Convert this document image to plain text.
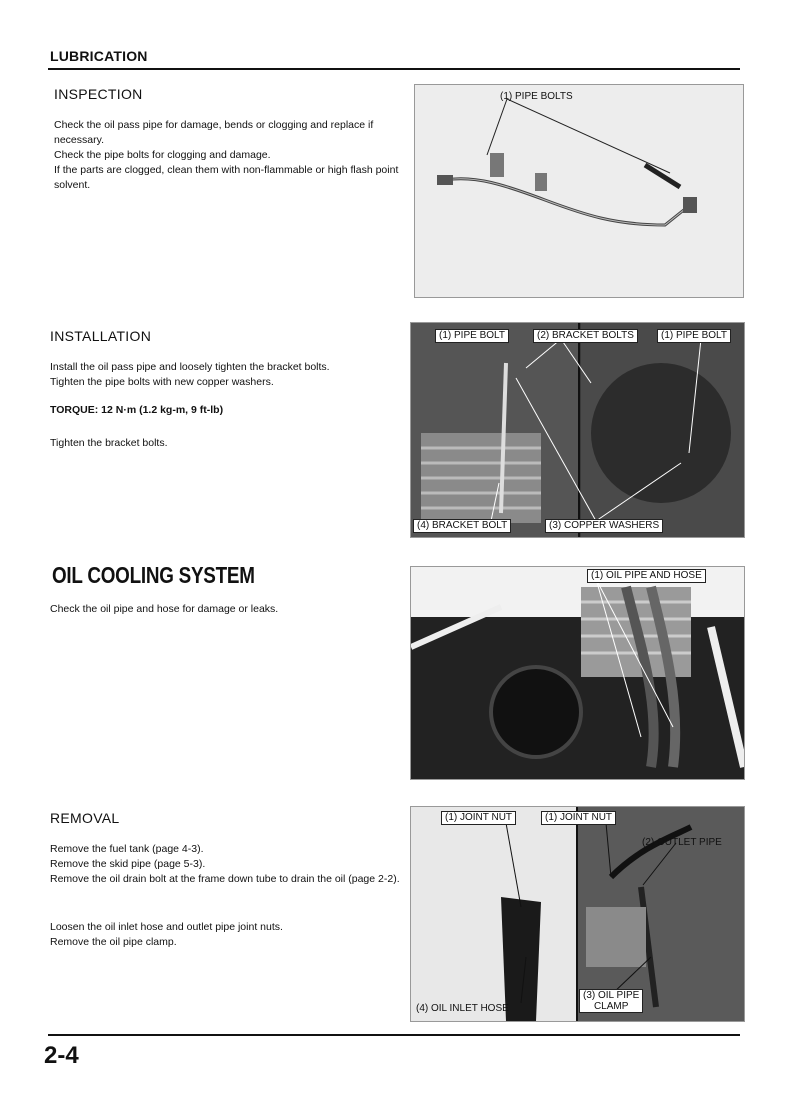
LUBRICATION
INSPECTION

Check the oil pass pipe for damage, bends or clogging and replace if necessary.

Check the pipe bolts for clogging and damage.

If the parts are clogged, clean them with non-flammable or high flash point solvent.

(1) PIPE BOLTS
INSTALLATION

Install the oil pass pipe and loosely tighten the bracket bolts.

Tighten the pipe bolts with new copper washers.

TORQUE: 12 N·m (1.2 kg-m, 9 ft-lb)
Tighten the bracket bolts.
(1) PIPE BOLT	(2) BRACKET BOLTS	(1) PIPE BOLT
(4) BRACKET BOLT	(3) COPPER WASHERS
OIL COOLING SYSTEM
Check the oil pipe and hose for damage or leaks.
(1) OIL PIPE AND HOSE
REMOVAL

Remove the fuel tank (page 4-3).

Remove the skid pipe (page 5-3).

Remove the oil drain bolt at the frame down tube to drain the oil (page 2-2).

Loosen the oil inlet hose and outlet pipe joint nuts.

Remove the oil pipe clamp.

(1) JOINT NUT	(1) JOINT NUT
(2) OUTLET PIPE
(4) OIL INLET HOSE
(3) OIL PIPE
CLAMP
2-4
